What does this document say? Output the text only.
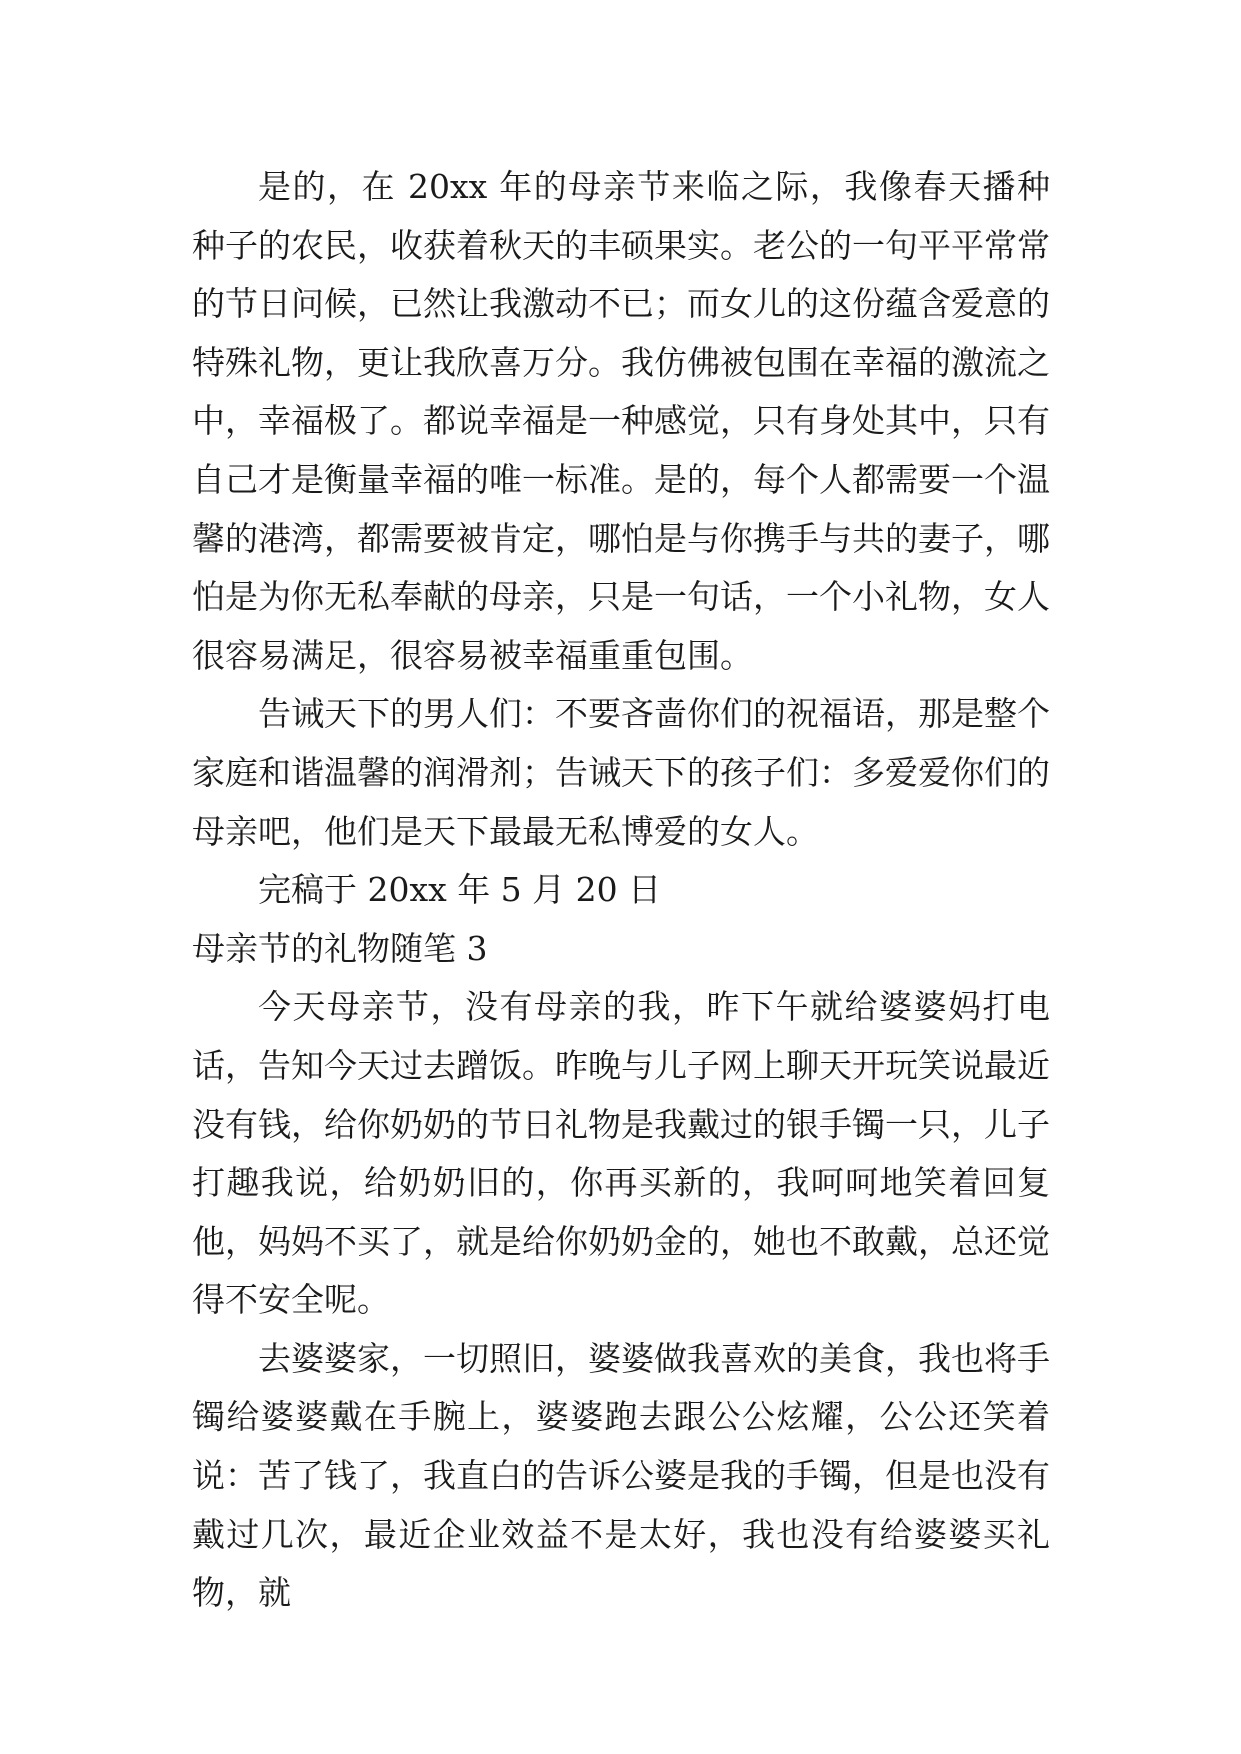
是的，在 20xx 年的母亲节来临之际，我像春天播种种子的农民，收获着秋天的丰硕果实。老公的一句平平常常的节日问候，已然让我激动不已；而女儿的这份蕴含爱意的特殊礼物，更让我欣喜万分。我仿佛被包围在幸福的激流之中，幸福极了。都说幸福是一种感觉，只有身处其中，只有自己才是衡量幸福的唯一标准。是的，每个人都需要一个温馨的港湾，都需要被肯定，哪怕是与你携手与共的妻子，哪怕是为你无私奉献的母亲，只是一句话，一个小礼物，女人很容易满足，很容易被幸福重重包围。

告诫天下的男人们：不要吝啬你们的祝福语，那是整个家庭和谐温馨的润滑剂；告诫天下的孩子们：多爱爱你们的母亲吧，他们是天下最最无私博爱的女人。

完稿于 20xx 年 5 月 20 日

母亲节的礼物随笔 3

今天母亲节，没有母亲的我，昨下午就给婆婆妈打电话，告知今天过去蹭饭。昨晚与儿子网上聊天开玩笑说最近没有钱，给你奶奶的节日礼物是我戴过的银手镯一只，儿子打趣我说，给奶奶旧的，你再买新的，我呵呵地笑着回复他，妈妈不买了，就是给你奶奶金的，她也不敢戴，总还觉得不安全呢。

去婆婆家，一切照旧，婆婆做我喜欢的美食，我也将手镯给婆婆戴在手腕上，婆婆跑去跟公公炫耀，公公还笑着说：苦了钱了，我直白的告诉公婆是我的手镯，但是也没有戴过几次，最近企业效益不是太好，我也没有给婆婆买礼物，就
